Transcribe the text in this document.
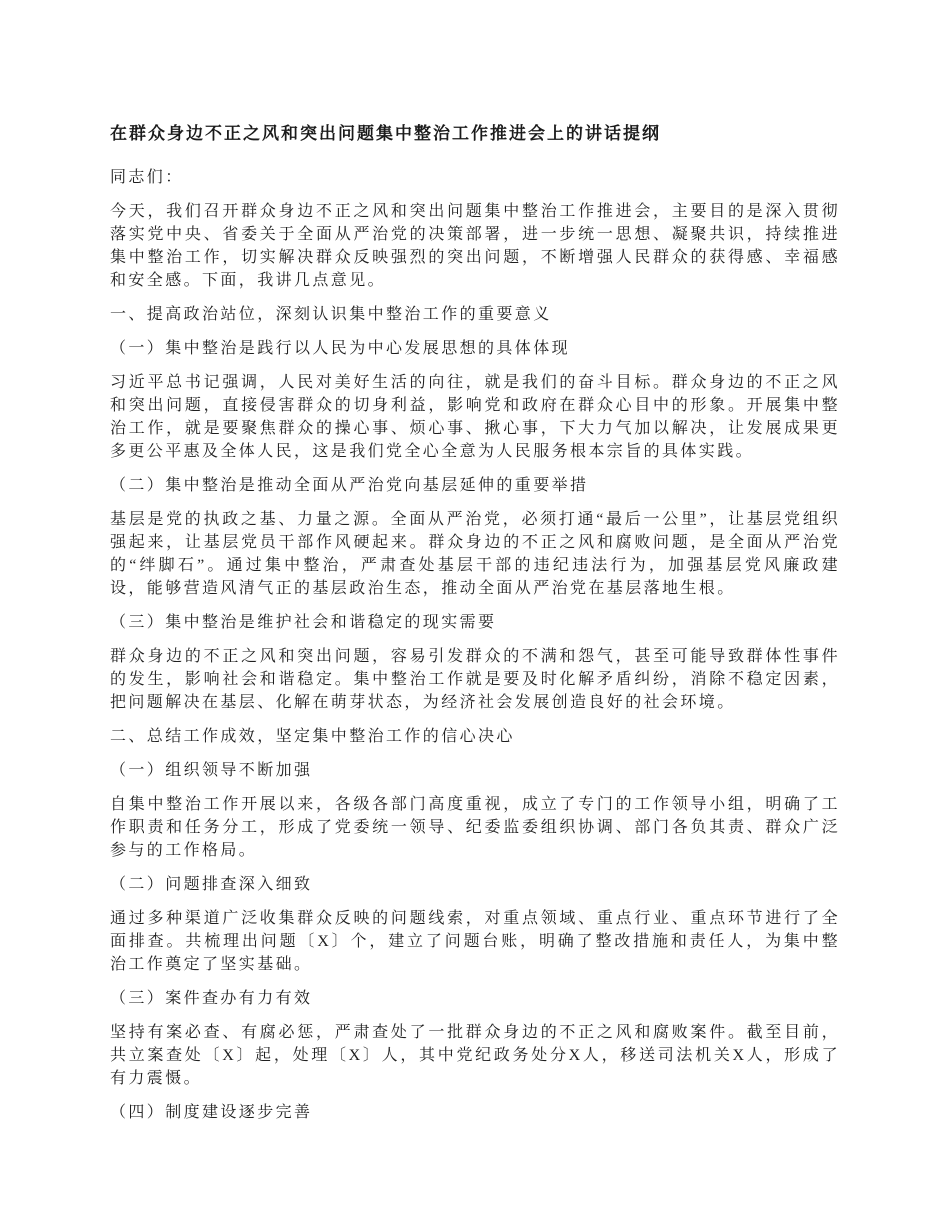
在群众身边不正之风和突出问题集中整治工作推进会上的讲话提纲

同志们：

今天，我们召开群众身边不正之风和突出问题集中整治工作推进会，主要目的是深入贯彻落实党中央、省委关于全面从严治党的决策部署，进一步统一思想、凝聚共识，持续推进集中整治工作，切实解决群众反映强烈的突出问题，不断增强人民群众的获得感、幸福感和安全感。下面，我讲几点意见。

一、提高政治站位，深刻认识集中整治工作的重要意义

（一）集中整治是践行以人民为中心发展思想的具体体现

习近平总书记强调，人民对美好生活的向往，就是我们的奋斗目标。群众身边的不正之风和突出问题，直接侵害群众的切身利益，影响党和政府在群众心目中的形象。开展集中整治工作，就是要聚焦群众的操心事、烦心事、揪心事，下大力气加以解决，让发展成果更多更公平惠及全体人民，这是我们党全心全意为人民服务根本宗旨的具体实践。

（二）集中整治是推动全面从严治党向基层延伸的重要举措

基层是党的执政之基、力量之源。全面从严治党，必须打通“最后一公里”，让基层党组织强起来，让基层党员干部作风硬起来。群众身边的不正之风和腐败问题，是全面从严治党的“绊脚石”。通过集中整治，严肃查处基层干部的违纪违法行为，加强基层党风廉政建设，能够营造风清气正的基层政治生态，推动全面从严治党在基层落地生根。

（三）集中整治是维护社会和谐稳定的现实需要

群众身边的不正之风和突出问题，容易引发群众的不满和怨气，甚至可能导致群体性事件的发生，影响社会和谐稳定。集中整治工作就是要及时化解矛盾纠纷，消除不稳定因素，把问题解决在基层、化解在萌芽状态，为经济社会发展创造良好的社会环境。

二、总结工作成效，坚定集中整治工作的信心决心

（一）组织领导不断加强

自集中整治工作开展以来，各级各部门高度重视，成立了专门的工作领导小组，明确了工作职责和任务分工，形成了党委统一领导、纪委监委组织协调、部门各负其责、群众广泛参与的工作格局。

（二）问题排查深入细致

通过多种渠道广泛收集群众反映的问题线索，对重点领域、重点行业、重点环节进行了全面排查。共梳理出问题〔X〕个，建立了问题台账，明确了整改措施和责任人，为集中整治工作奠定了坚实基础。

（三）案件查办有力有效

坚持有案必查、有腐必惩，严肃查处了一批群众身边的不正之风和腐败案件。截至目前，共立案查处〔X〕起，处理〔X〕人，其中党纪政务处分X人，移送司法机关X人，形成了有力震慑。

（四）制度建设逐步完善
